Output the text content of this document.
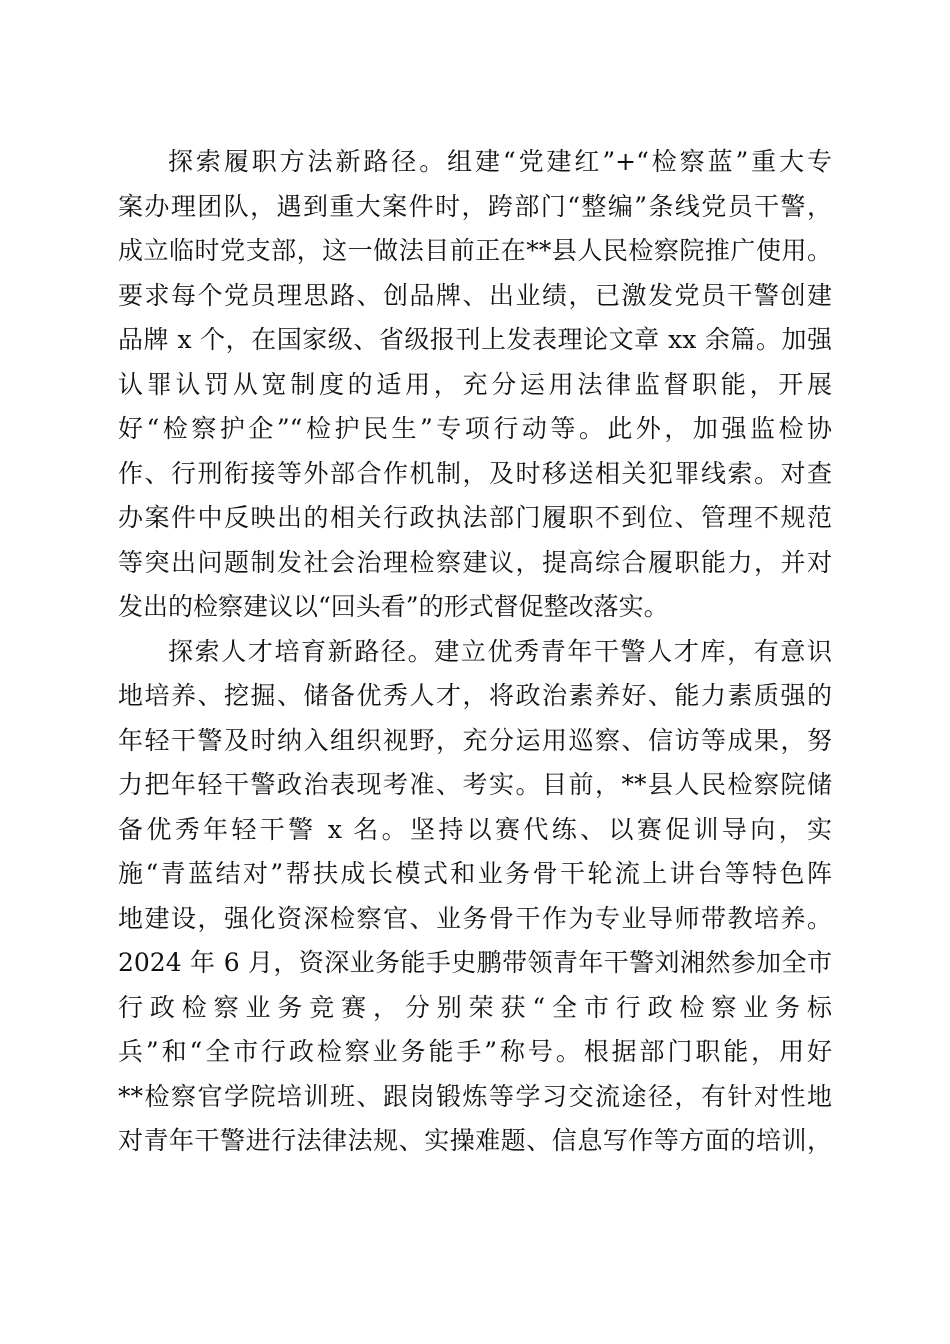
探索履职方法新路径。组建“党建红”+“检察蓝”重大专
案办理团队，遇到重大案件时，跨部门“整编”条线党员干警，
成立临时党支部，这一做法目前正在**县人民检察院推广使用。
要求每个党员理思路、创品牌、出业绩，已激发党员干警创建
品牌 x 个，在国家级、省级报刊上发表理论文章 xx 余篇。加强
认罪认罚从宽制度的适用，充分运用法律监督职能，开展
好“检察护企”“检护民生”专项行动等。此外，加强监检协
作、行刑衔接等外部合作机制，及时移送相关犯罪线索。对查
办案件中反映出的相关行政执法部门履职不到位、管理不规范
等突出问题制发社会治理检察建议，提高综合履职能力，并对
发出的检察建议以“回头看”的形式督促整改落实。
探索人才培育新路径。建立优秀青年干警人才库，有意识
地培养、挖掘、储备优秀人才，将政治素养好、能力素质强的
年轻干警及时纳入组织视野，充分运用巡察、信访等成果，努
力把年轻干警政治表现考准、考实。目前，**县人民检察院储
备优秀年轻干警 x 名。坚持以赛代练、以赛促训导向，实
施“青蓝结对”帮扶成长模式和业务骨干轮流上讲台等特色阵
地建设，强化资深检察官、业务骨干作为专业导师带教培养。
2024 年 6 月，资深业务能手史鹏带领青年干警刘湘然参加全市
行政检察业务竞赛，分别荣获“全市行政检察业务标
兵”和“全市行政检察业务能手”称号。根据部门职能，用好
**检察官学院培训班、跟岗锻炼等学习交流途径，有针对性地
对青年干警进行法律法规、实操难题、信息写作等方面的培训，
